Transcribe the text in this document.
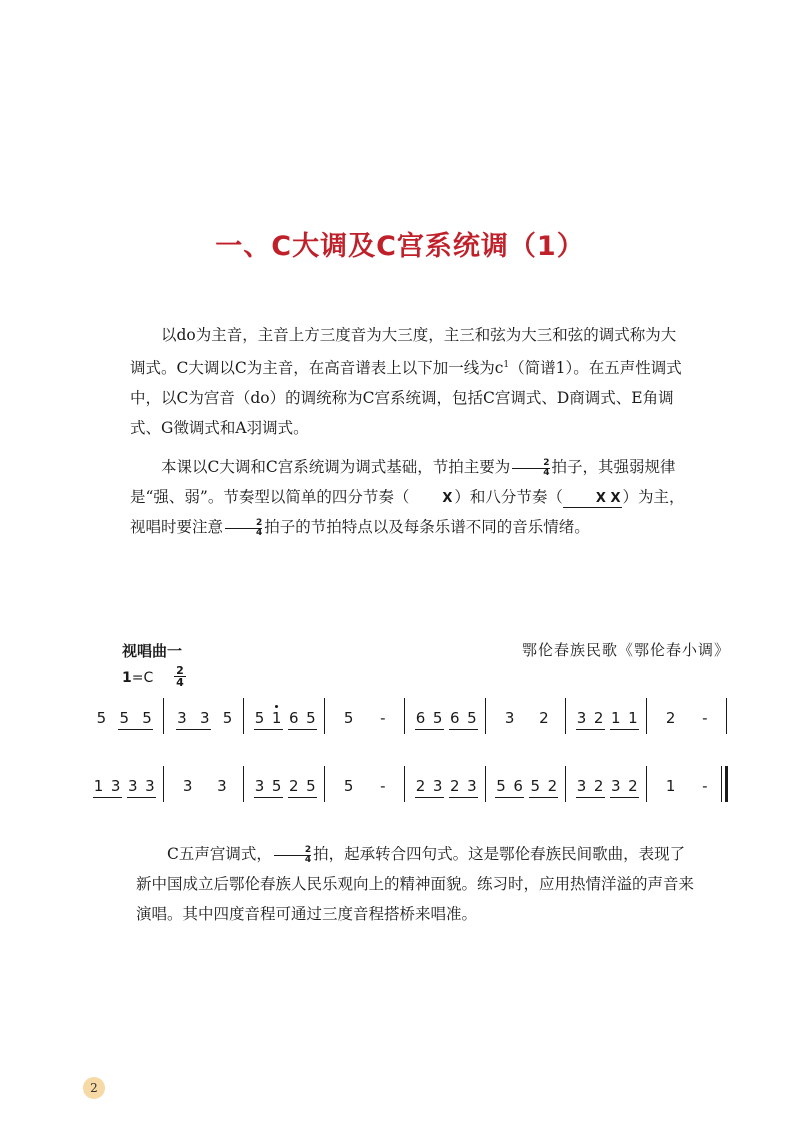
一、C大调及C宫系统调（1）

以do为主音，主音上方三度音为大三度，主三和弦为大三和弦的调式称为大调式。C大调以C为主音，在高音谱表上以下加一线为$c^1$（简谱1）。在五声性调式中，以C为宫音（do）的调统称为C宫系统调，包括C宫调式、D商调式、E角调式、G徵调式和A羽调式。

本课以C大调和C宫系统调为调式基础，节拍主要为 $\frac{2}{4}$ 拍子，其强弱规律是“强、弱”。节奏型以简单的四分节奏（	X ）和八分节奏（	X X ）为主，视唱时要注意 $\frac{2}{4}$ 拍子的节拍特点以及每条乐谱不同的音乐情绪。

视唱曲一	鄂伦春族民歌《鄂伦春小调》
1=C 2
4
5 5 5 3 3 5 5 1 6 5 5 - 6 5 6 5 3 2 3 2 1 1 2 -
1 3 3 3 3 3 3 5 2 5 5 - 2 3 2 3 5 6 5 2 3 2 3 2 1 -

C五声宫调式， $\frac{2}{4}$ 拍，起承转合四句式。这是鄂伦春族民间歌曲，表现了新中国成立后鄂伦春族人民乐观向上的精神面貌。练习时，应用热情洋溢的声音来演唱。其中四度音程可通过三度音程搭桥来唱准。

2
